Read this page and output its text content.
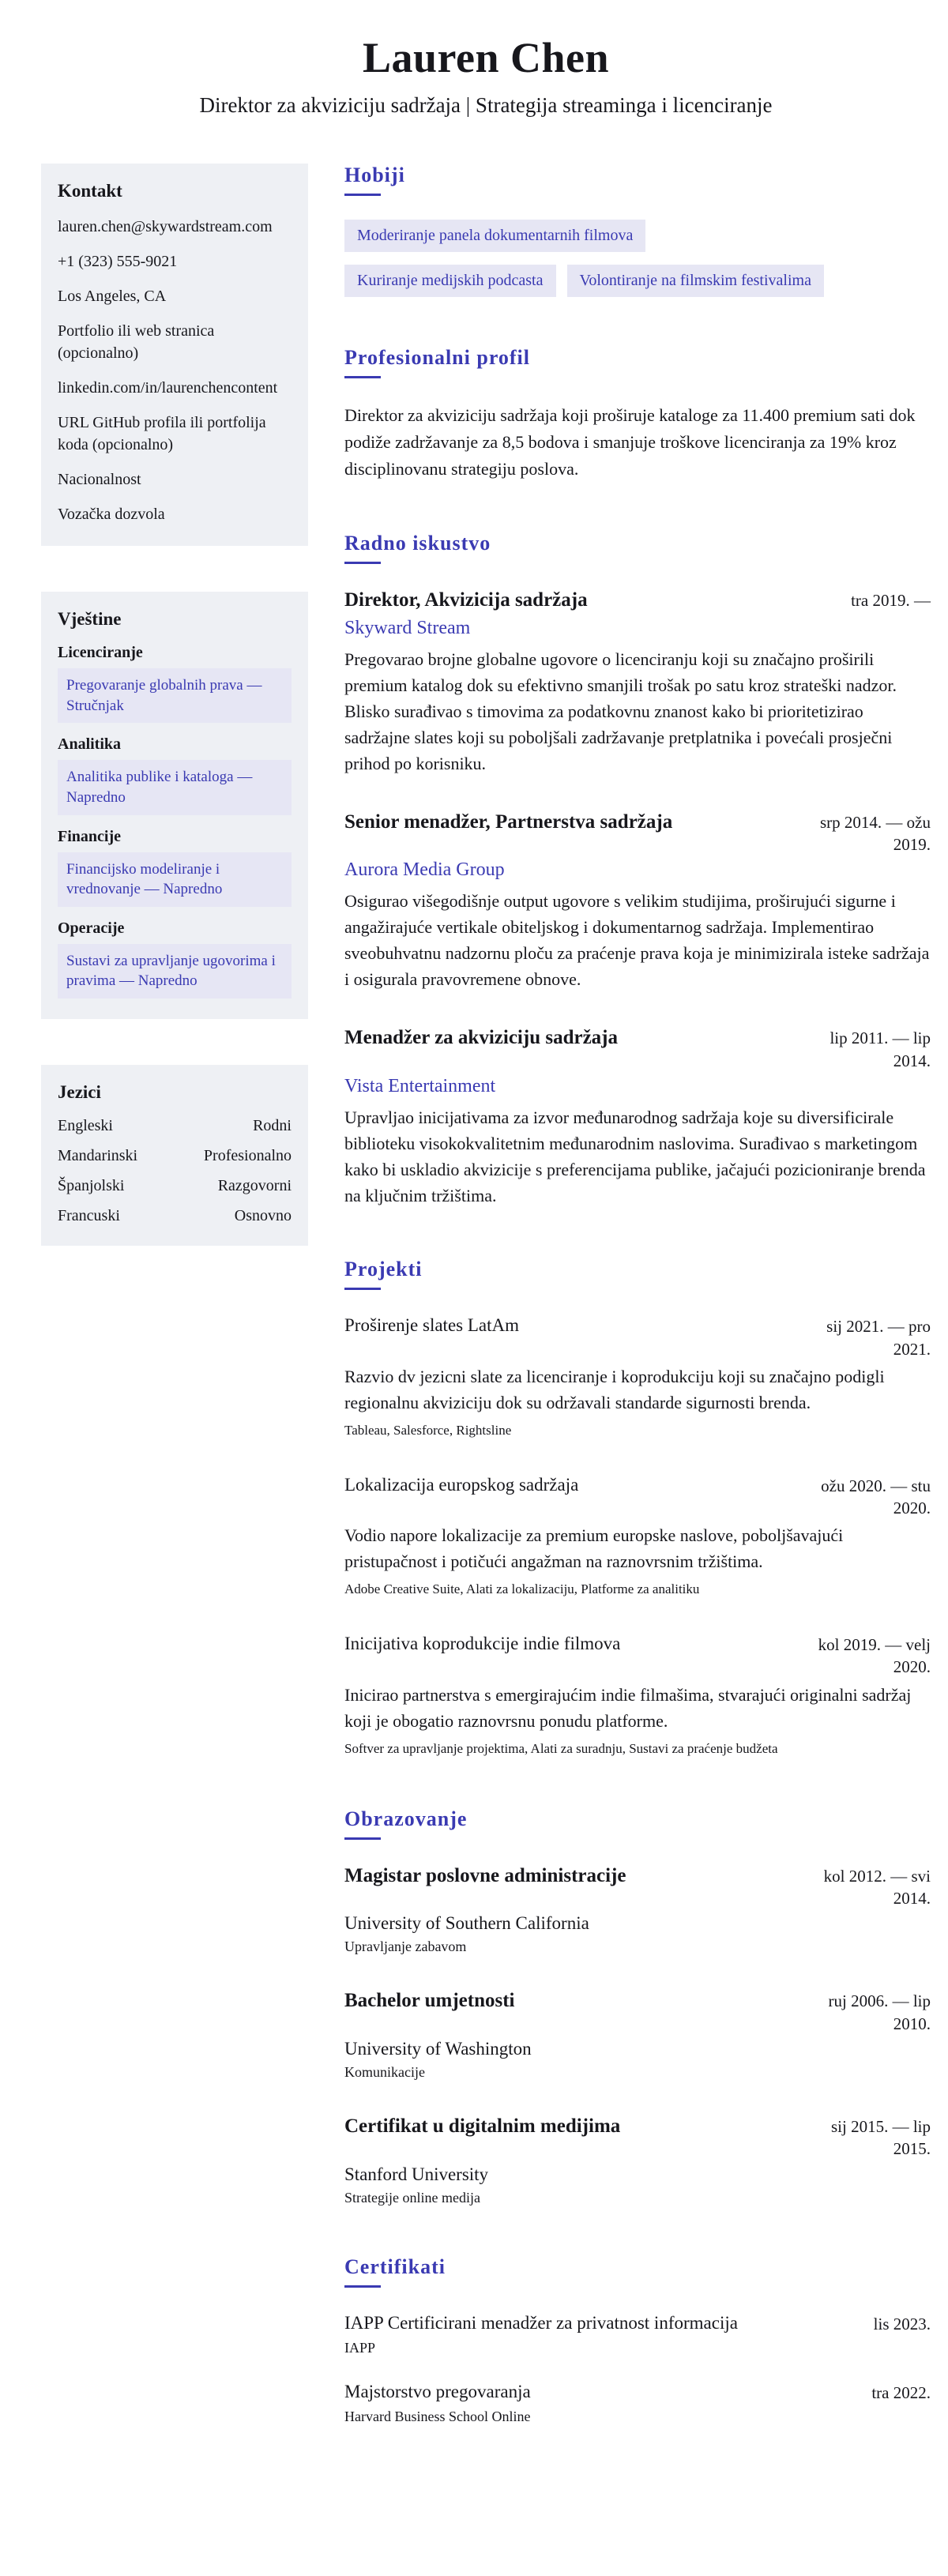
Lauren Chen
Direktor za akviziciju sadržaja | Strategija streaminga i licenciranje
Kontakt
lauren.chen@skywardstream.com
+1 (323) 555-9021
Los Angeles, CA
Portfolio ili web stranica (opcionalno)
linkedin.com/in/laurenchencontent
URL GitHub profila ili portfolija koda (opcionalno)
Nacionalnost
Vozačka dozvola
Vještine
Licenciranje
Pregovaranje globalnih prava — Stručnjak
Analitika
Analitika publike i kataloga — Napredno
Financije
Financijsko modeliranje i vrednovanje — Napredno
Operacije
Sustavi za upravljanje ugovorima i pravima — Napredno
Jezici
Engleski	Rodni
Mandarinski	Profesionalno
Španjolski	Razgovorni
Francuski	Osnovno
Hobiji
Moderiranje panela dokumentarnih filmova
Kuriranje medijskih podcasta	Volontiranje na filmskim festivalima
Profesionalni profil

Direktor za akviziciju sadržaja koji proširuje kataloge za 11.400 premium sati dok podiže zadržavanje za 8,5 bodova i smanjuje troškove licenciranja za 19% kroz disciplinovanu strategiju poslova.

Radno iskustvo
Direktor, Akvizicija sadržaja	tra 2019. —
Skyward Stream

Pregovarao brojne globalne ugovore o licenciranju koji su značajno proširili premium katalog dok su efektivno smanjili trošak po satu kroz strateški nadzor. Blisko surađivao s timovima za podatkovnu znanost kako bi prioritetizirao sadržajne slates koji su poboljšali zadržavanje pretplatnika i povećali prosječni prihod po korisniku.

Senior menadžer, Partnerstva sadržaja	srp 2014. — ožu 2019.
Aurora Media Group

Osigurao višegodišnje output ugovore s velikim studijima, proširujući sigurne i angažirajuće vertikale obiteljskog i dokumentarnog sadržaja. Implementirao sveobuhvatnu nadzornu ploču za praćenje prava koja je minimizirala isteke sadržaja i osigurala pravovremene obnove.

Menadžer za akviziciju sadržaja	lip 2011. — lip 2014.
Vista Entertainment

Upravljao inicijativama za izvor međunarodnog sadržaja koje su diversificirale biblioteku visokokvalitetnim međunarodnim naslovima. Surađivao s marketingom kako bi uskladio akvizicije s preferencijama publike, jačajući pozicioniranje brenda na ključnim tržištima.

Projekti
Proširenje slates LatAm	sij 2021. — pro 2021.

Razvio dv jezicni slate za licenciranje i koprodukciju koji su značajno podigli regionalnu akviziciju dok su održavali standarde sigurnosti brenda.

Tableau, Salesforce, Rightsline
Lokalizacija europskog sadržaja	ožu 2020. — stu 2020.

Vodio napore lokalizacije za premium europske naslove, poboljšavajući pristupačnost i potičući angažman na raznovrsnim tržištima.

Adobe Creative Suite, Alati za lokalizaciju, Platforme za analitiku
Inicijativa koprodukcije indie filmova	kol 2019. — velj 2020.

Inicirao partnerstva s emergirajućim indie filmašima, stvarajući originalni sadržaj koji je obogatio raznovrsnu ponudu platforme.

Softver za upravljanje projektima, Alati za suradnju, Sustavi za praćenje budžeta
Obrazovanje
Magistar poslovne administracije	kol 2012. — svi 2014.
University of Southern California
Upravljanje zabavom
Bachelor umjetnosti	ruj 2006. — lip 2010.
University of Washington
Komunikacije
Certifikat u digitalnim medijima	sij 2015. — lip 2015.
Stanford University
Strategije online medija
Certifikati
IAPP Certificirani menadžer za privatnost informacija	lis 2023.
IAPP
Majstorstvo pregovaranja	tra 2022.
Harvard Business School Online
